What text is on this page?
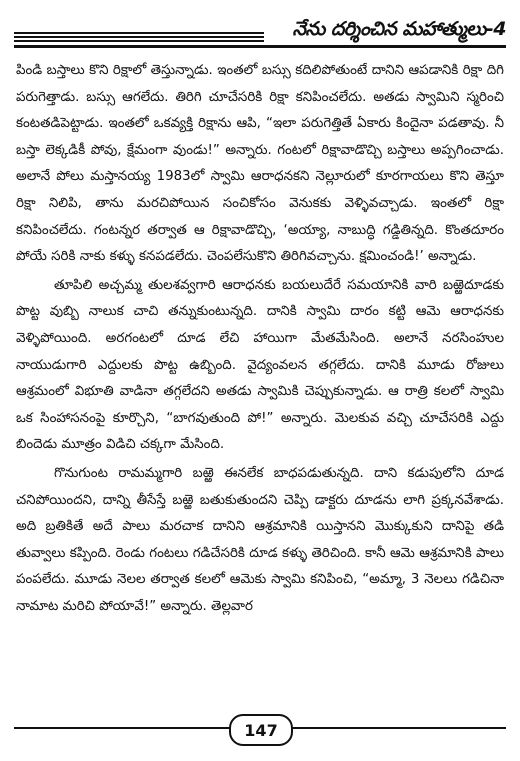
నేను దర్శించిన మహాత్ములు-4

పిండి బస్తాలు కొని రిక్షాలో తెస్తున్నాడు. ఇంతలో బస్సు కదిలిపోతుంటే దానిని ఆపడానికి రిక్షా దిగి పరుగెత్తాడు. బస్సు ఆగలేదు. తిరిగి చూచేసరికి రిక్షా కనిపించలేదు. అతడు స్వామిని స్మరించి కంటతడిపెట్టాడు. ఇంతలో ఒకవ్యక్తి రిక్షాను ఆపి, “ఇలా పరుగెత్తితే ఏకారు కిందైనా పడతావు. నీ బస్తా లెక్కడికీ పోవు, క్షేమంగా వుండు!” అన్నారు. గంటలో రిక్షావాడొచ్చి బస్తాలు అప్పగించాడు. అలానే పోలు మస్తానయ్య 1983లో స్వామి ఆరాధనకని నెల్లూరులో కూరగాయలు కొని తెస్తూ రిక్షా నిలిపి, తాను మరచిపోయిన సంచికోసం వెనుకకు వెళ్ళివచ్చాడు. ఇంతలో రిక్షా కనిపించలేదు. గంటన్నర తర్వాత ఆ రిక్షావాడొచ్చి, ‘అయ్యా, నాబుద్ధి గడ్డితిన్నది. కొంతదూరం పోయే సరికి నాకు కళ్ళు కనపడలేదు. చెంపలేసుకొని తిరిగివచ్చాను. క్షమించండి!’ అన్నాడు.

తూపిలి అచ్చమ్మ తులశవ్వగారి ఆరాధనకు బయలుదేరే సమయానికి వారి బఱ్ఱెదూడకు పొట్ట వుబ్బి నాలుక చాచి తన్నుకుంటున్నది. దానికి స్వామి దారం కట్టి ఆమె ఆరాధనకు వెళ్ళిపోయింది. అరగంటలో దూడ లేచి హాయిగా మేతమేసింది. అలానే నరసింహుల నాయుడుగారి ఎద్దులకు పొట్ట ఉబ్బింది. వైద్యంవలన తగ్గలేదు. దానికి మూడు రోజులు ఆశ్రమంలో విభూతి వాడినా తగ్గలేదని అతడు స్వామికి చెప్పుకున్నాడు. ఆ రాత్రి కలలో స్వామి ఒక సింహాసనంపై కూర్చొని, “బాగవుతుంది పో!” అన్నారు. మెలకువ వచ్చి చూచేసరికి ఎద్దు బిందెడు మూత్రం విడిచి చక్కగా మేసింది.

గొనుగుంట రామమ్మగారి బఱ్ఱె ఈనలేక బాధపడుతున్నది. దాని కడుపులోని దూడ చనిపోయిందని, దాన్ని తీసేస్తే బఱ్ఱె బతుకుతుందని చెప్పి డాక్టరు దూడను లాగి ప్రక్కనవేశాడు. అది బ్రతికితే అదే పాలు మరచాక దానిని ఆశ్రమానికి యిస్తానని మొక్కుకుని దానిపై తడి తువ్వాలు కప్పింది. రెండు గంటలు గడిచేసరికి దూడ కళ్ళు తెరిచింది. కానీ ఆమె ఆశ్రమానికి పాలు పంపలేదు. మూడు నెలల తర్వాత కలలో ఆమెకు స్వామి కనిపించి, “అమ్మా, 3 నెలలు గడిచినా నామాట మరిచి పోయావే!” అన్నారు. తెల్లవార

147
